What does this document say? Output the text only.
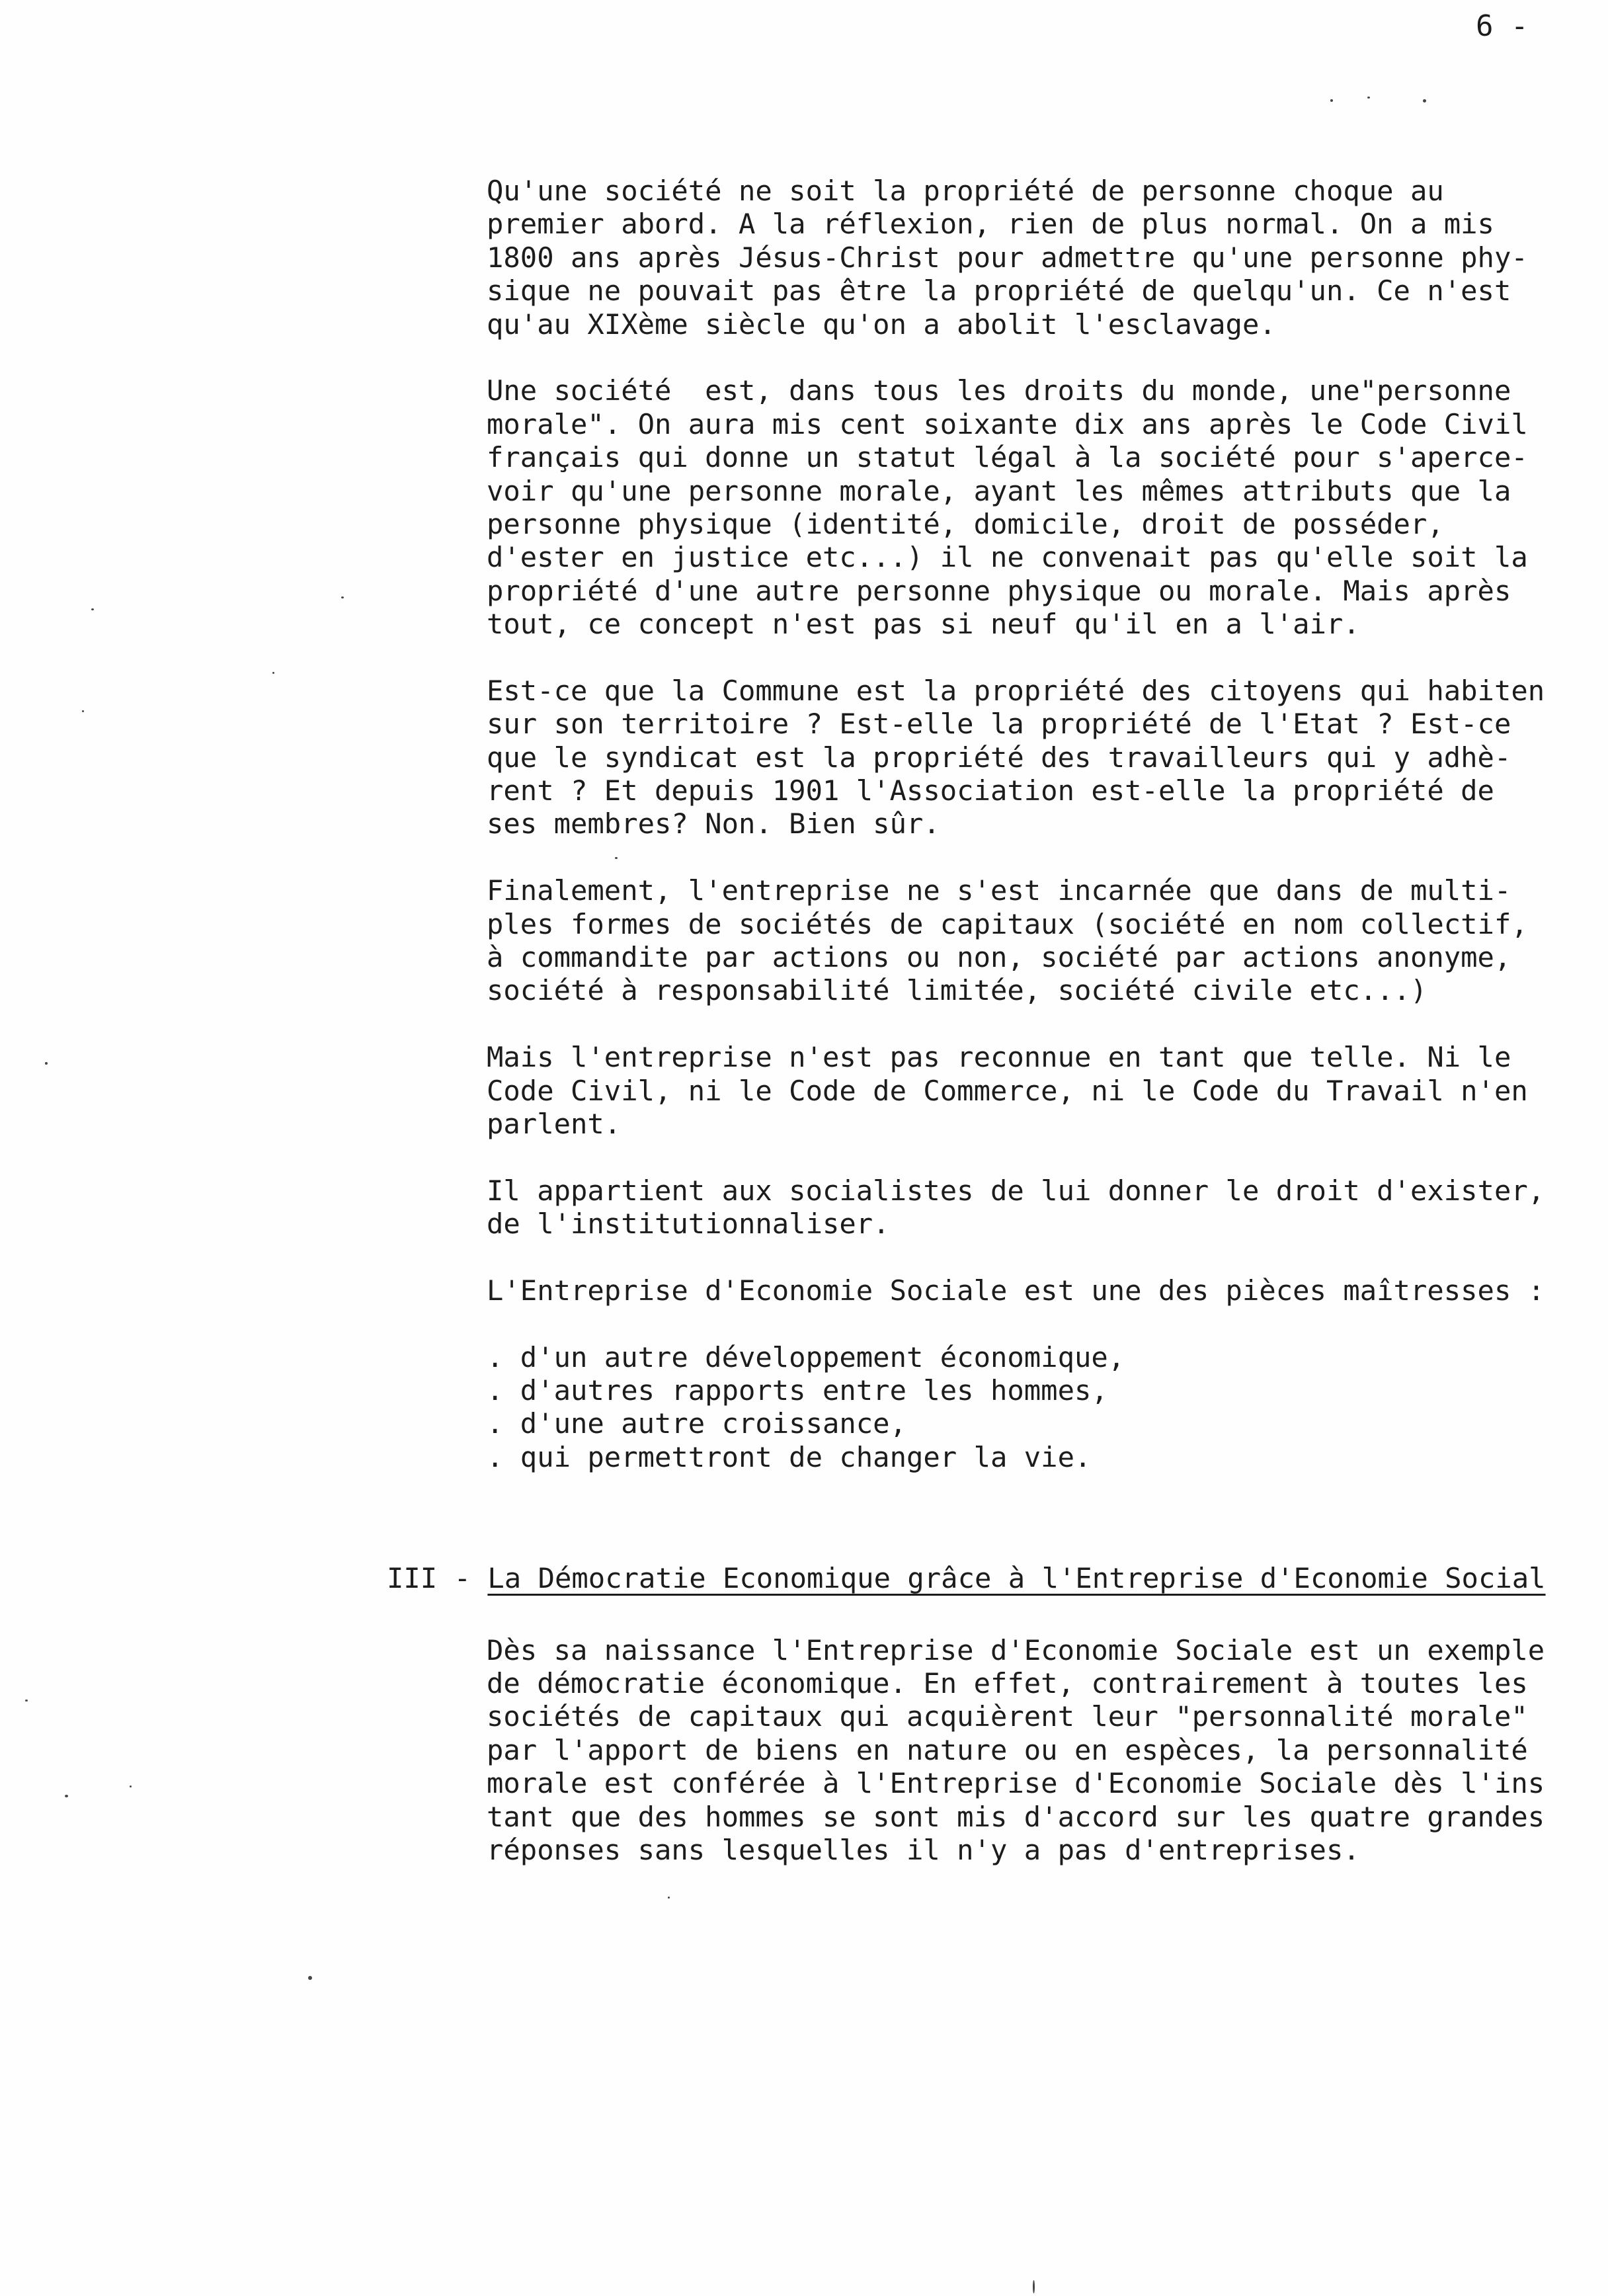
6 -
Qu'une société ne soit la propriété de personne choque au
premier abord. A la réflexion, rien de plus normal. On a mis
1800 ans après Jésus-Christ pour admettre qu'une personne phy-
sique ne pouvait pas être la propriété de quelqu'un. Ce n'est
qu'au XIXème siècle qu'on a abolit l'esclavage.
Une société  est, dans tous les droits du monde, une"personne
morale". On aura mis cent soixante dix ans après le Code Civil
français qui donne un statut légal à la société pour s'aperce-
voir qu'une personne morale, ayant les mêmes attributs que la
personne physique (identité, domicile, droit de posséder,
d'ester en justice etc...) il ne convenait pas qu'elle soit la
propriété d'une autre personne physique ou morale. Mais après
tout, ce concept n'est pas si neuf qu'il en a l'air.
Est-ce que la Commune est la propriété des citoyens qui habiten
sur son territoire ? Est-elle la propriété de l'Etat ? Est-ce
que le syndicat est la propriété des travailleurs qui y adhè-
rent ? Et depuis 1901 l'Association est-elle la propriété de
ses membres? Non. Bien sûr.
Finalement, l'entreprise ne s'est incarnée que dans de multi-
ples formes de sociétés de capitaux (société en nom collectif,
à commandite par actions ou non, société par actions anonyme,
société à responsabilité limitée, société civile etc...)
Mais l'entreprise n'est pas reconnue en tant que telle. Ni le
Code Civil, ni le Code de Commerce, ni le Code du Travail n'en
parlent.
Il appartient aux socialistes de lui donner le droit d'exister,
de l'institutionnaliser.
L'Entreprise d'Economie Sociale est une des pièces maîtresses :
. d'un autre développement économique,
. d'autres rapports entre les hommes,
. d'une autre croissance,
. qui permettront de changer la vie.
III - La Démocratie Economique grâce à l'Entreprise d'Economie Social
Dès sa naissance l'Entreprise d'Economie Sociale est un exemple
de démocratie économique. En effet, contrairement à toutes les
sociétés de capitaux qui acquièrent leur "personnalité morale"
par l'apport de biens en nature ou en espèces, la personnalité
morale est conférée à l'Entreprise d'Economie Sociale dès l'ins
tant que des hommes se sont mis d'accord sur les quatre grandes
réponses sans lesquelles il n'y a pas d'entreprises.
